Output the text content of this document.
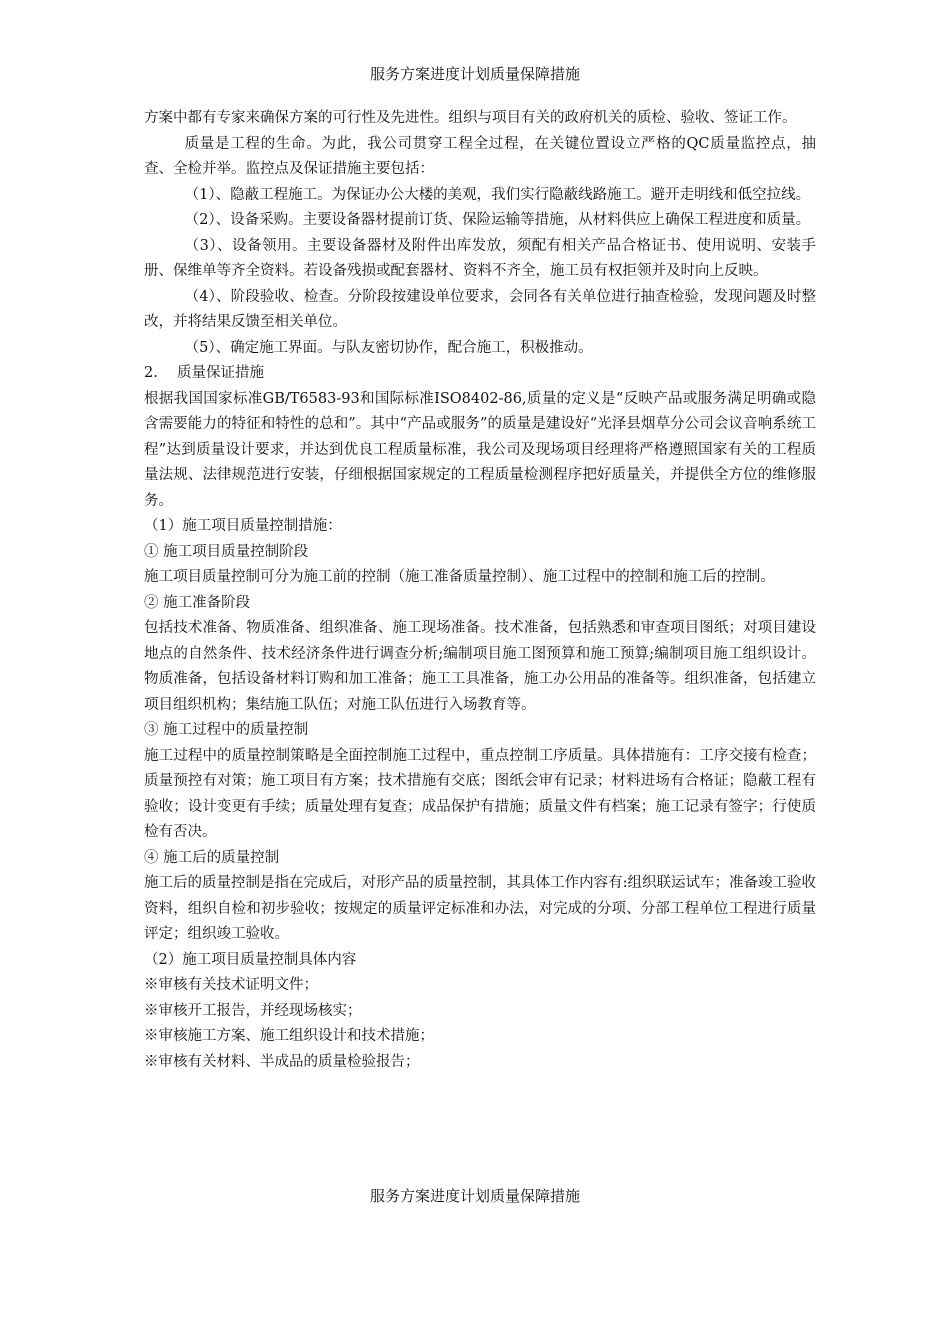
服务方案进度计划质量保障措施

方案中都有专家来确保方案的可行性及先进性。组织与项目有关的政府机关的质检、验收、签证工作。

质量是工程的生命。为此，我公司贯穿工程全过程，在关键位置设立严格的QC质量监控点，抽查、全检并举。监控点及保证措施主要包括：

（1）、隐蔽工程施工。为保证办公大楼的美观，我们实行隐蔽线路施工。避开走明线和低空拉线。

（2）、设备采购。主要设备器材提前订货、保险运输等措施，从材料供应上确保工程进度和质量。

（3）、设备领用。主要设备器材及附件出库发放，须配有相关产品合格证书、使用说明、安装手册、保维单等齐全资料。若设备残损或配套器材、资料不齐全，施工员有权拒领并及时向上反映。

（4）、阶段验收、检查。分阶段按建设单位要求，会同各有关单位进行抽查检验，发现问题及时整改，并将结果反馈至相关单位。

（5）、确定施工界面。与队友密切协作，配合施工，积极推动。

2.　 质量保证措施

根据我国国家标准GB/T6583-93和国际标准ISO8402-86,质量的定义是“反映产品或服务满足明确或隐含需要能力的特征和特性的总和”。其中“产品或服务”的质量是建设好“光泽县烟草分公司会议音响系统工程”达到质量设计要求，并达到优良工程质量标准，我公司及现场项目经理将严格遵照国家有关的工程质量法规、法律规范进行安装，仔细根据国家规定的工程质量检测程序把好质量关，并提供全方位的维修服务。

（1）施工项目质量控制措施：

① 施工项目质量控制阶段

施工项目质量控制可分为施工前的控制（施工准备质量控制）、施工过程中的控制和施工后的控制。

② 施工准备阶段

包括技术准备、物质准备、组织准备、施工现场准备。技术准备，包括熟悉和审查项目图纸；对项目建设地点的自然条件、技术经济条件进行调查分析;编制项目施工图预算和施工预算;编制项目施工组织设计。物质准备，包括设备材料订购和加工准备；施工工具准备，施工办公用品的准备等。组织准备，包括建立项目组织机构；集结施工队伍；对施工队伍进行入场教育等。

③ 施工过程中的质量控制

施工过程中的质量控制策略是全面控制施工过程中，重点控制工序质量。具体措施有：工序交接有检查；质量预控有对策；施工项目有方案；技术措施有交底；图纸会审有记录；材料进场有合格证；隐蔽工程有验收；设计变更有手续；质量处理有复查；成品保护有措施；质量文件有档案；施工记录有签字；行使质检有否决。

④ 施工后的质量控制

施工后的质量控制是指在完成后，对形产品的质量控制，其具体工作内容有:组织联运试车；准备竣工验收资料，组织自检和初步验收；按规定的质量评定标准和办法，对完成的分项、分部工程单位工程进行质量评定；组织竣工验收。

（2）施工项目质量控制具体内容

※审核有关技术证明文件；

※审核开工报告，并经现场核实；

※审核施工方案、施工组织设计和技术措施；

※审核有关材料、半成品的质量检验报告；

服务方案进度计划质量保障措施
